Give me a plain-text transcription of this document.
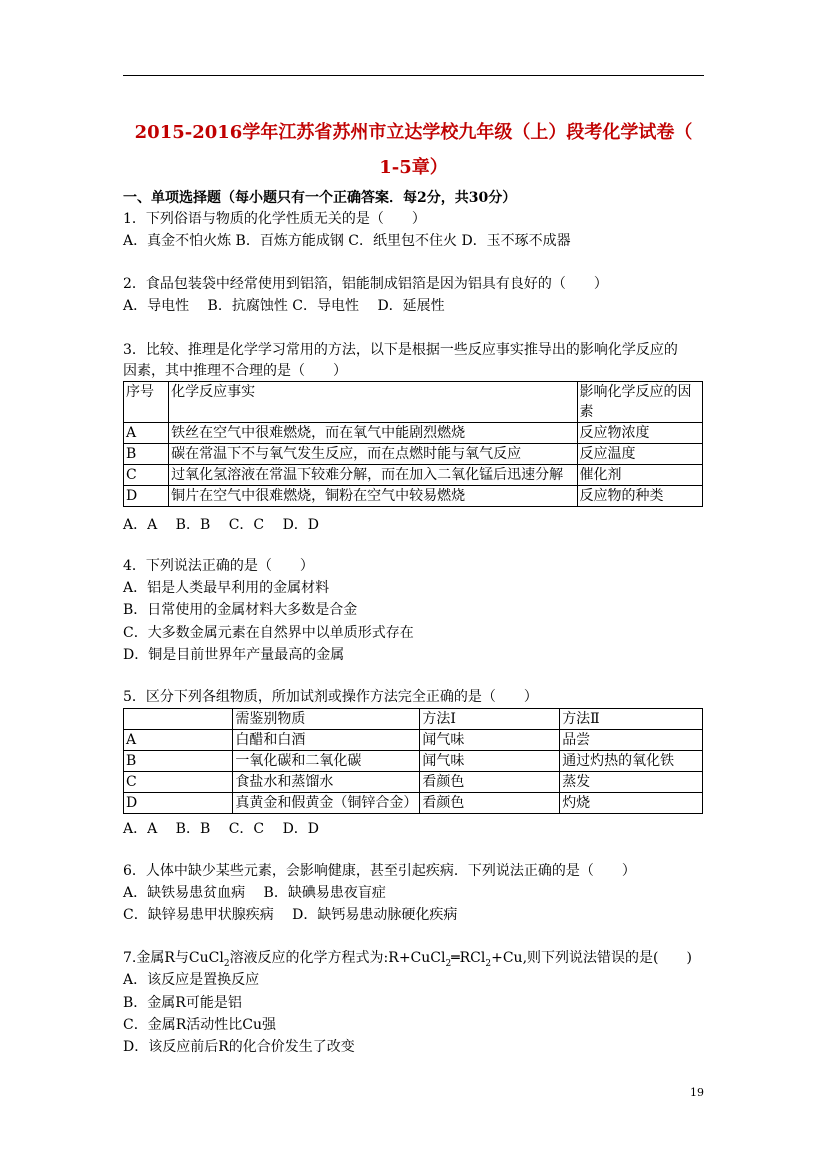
2015-2016学年江苏省苏州市立达学校九年级（上）段考化学试卷（
1-5章）
一、单项选择题（每小题只有一个正确答案．每2分，共30分）
1．下列俗语与物质的化学性质无关的是（　　）
A．真金不怕火炼 B．百炼方能成钢 C．纸里包不住火 D．玉不琢不成器
2．食品包装袋中经常使用到铝箔，铝能制成铝箔是因为铝具有良好的（　　）
A．导电性　 B．抗腐蚀性 C．导电性　 D．延展性
3．比较、推理是化学学习常用的方法，以下是根据一些反应事实推导出的影响化学反应的
因素，其中推理不合理的是（　　）
序号	化学反应事实	影响化学反应的因素
A	铁丝在空气中很难燃烧，而在氧气中能剧烈燃烧	反应物浓度
B	碳在常温下不与氧气发生反应，而在点燃时能与氧气反应	反应温度
C	过氧化氢溶液在常温下较难分解，而在加入二氧化锰后迅速分解	催化剂
D	铜片在空气中很难燃烧，铜粉在空气中较易燃烧	反应物的种类
A．A　 B．B　 C．C　 D．D
4．下列说法正确的是（　　）
A．铝是人类最早利用的金属材料
B．日常使用的金属材料大多数是合金
C．大多数金属元素在自然界中以单质形式存在
D．铜是目前世界年产量最高的金属
5．区分下列各组物质，所加试剂或操作方法完全正确的是（　　）
	需鉴别物质	方法Ⅰ	方法Ⅱ
A	白醋和白酒	闻气味	品尝
B	一氧化碳和二氧化碳	闻气味	通过灼热的氧化铁
C	食盐水和蒸馏水	看颜色	蒸发
D	真黄金和假黄金（铜锌合金）	看颜色	灼烧
A．A　 B．B　 C．C　 D．D
6．人体中缺少某些元素，会影响健康，甚至引起疾病．下列说法正确的是（　　）
A．缺铁易患贫血病　 B．缺碘易患夜盲症
C．缺锌易患甲状腺疾病　 D．缺钙易患动脉硬化疾病
7.金属R与CuCl$_2$溶液反应的化学方程式为:R+CuCl$_2$═RCl$_2$+Cu,则下列说法错误的是(　　)
A．该反应是置换反应
B．金属R可能是铝
C．金属R活动性比Cu强
D．该反应前后R的化合价发生了改变
19
